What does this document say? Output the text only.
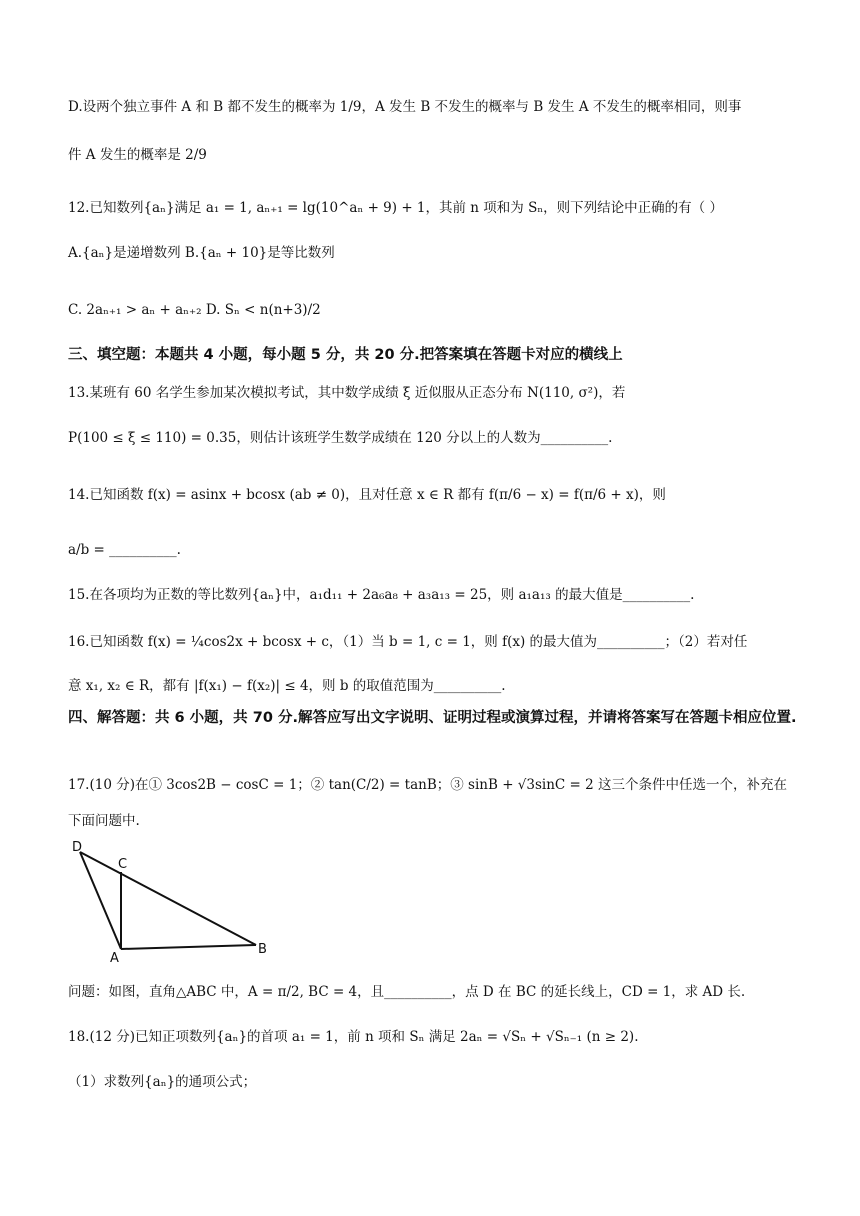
D.设两个独立事件 A 和 B 都不发生的概率为 1/9，A 发生 B 不发生的概率与 B 发生 A 不发生的概率相同，则事
件 A 发生的概率是 2/9
12.已知数列{aₙ}满足 a₁ = 1, aₙ₊₁ = lg(10^aₙ + 9) + 1，其前 n 项和为 Sₙ，则下列结论中正确的有（ ）
A.{aₙ}是递增数列 B.{aₙ + 10}是等比数列
C. 2aₙ₊₁ > aₙ + aₙ₊₂ D. Sₙ < n(n+3)/2
三、填空题：本题共 4 小题，每小题 5 分，共 20 分.把答案填在答题卡对应的横线上
13.某班有 60 名学生参加某次模拟考试，其中数学成绩 ξ 近似服从正态分布 N(110, σ²)，若
P(100 ≤ ξ ≤ 110) = 0.35，则估计该班学生数学成绩在 120 分以上的人数为__________.
14.已知函数 f(x) = asinx + bcosx (ab ≠ 0)，且对任意 x ∈ R 都有 f(π/6 − x) = f(π/6 + x)，则
a/b = __________.
15.在各项均为正数的等比数列{aₙ}中，a₁d₁₁ + 2a₆a₈ + a₃a₁₃ = 25，则 a₁a₁₃ 的最大值是__________.
16.已知函数 f(x) = ¼cos2x + bcosx + c，（1）当 b = 1, c = 1，则 f(x) 的最大值为__________；（2）若对任
意 x₁, x₂ ∈ R，都有 |f(x₁) − f(x₂)| ≤ 4，则 b 的取值范围为__________.
四、解答题：共 6 小题，共 70 分.解答应写出文字说明、证明过程或演算过程，并请将答案写在答题卡相应位置.
17.(10 分)在① 3cos2B − cosC = 1；② tan(C/2) = tanB；③ sinB + √3sinC = 2 这三个条件中任选一个，补充在
下面问题中.
D
C
A
B
问题：如图，直角△ABC 中，A = π/2, BC = 4，且__________，点 D 在 BC 的延长线上，CD = 1，求 AD 长.
18.(12 分)已知正项数列{aₙ}的首项 a₁ = 1，前 n 项和 Sₙ 满足 2aₙ = √Sₙ + √Sₙ₋₁ (n ≥ 2).
（1）求数列{aₙ}的通项公式；
